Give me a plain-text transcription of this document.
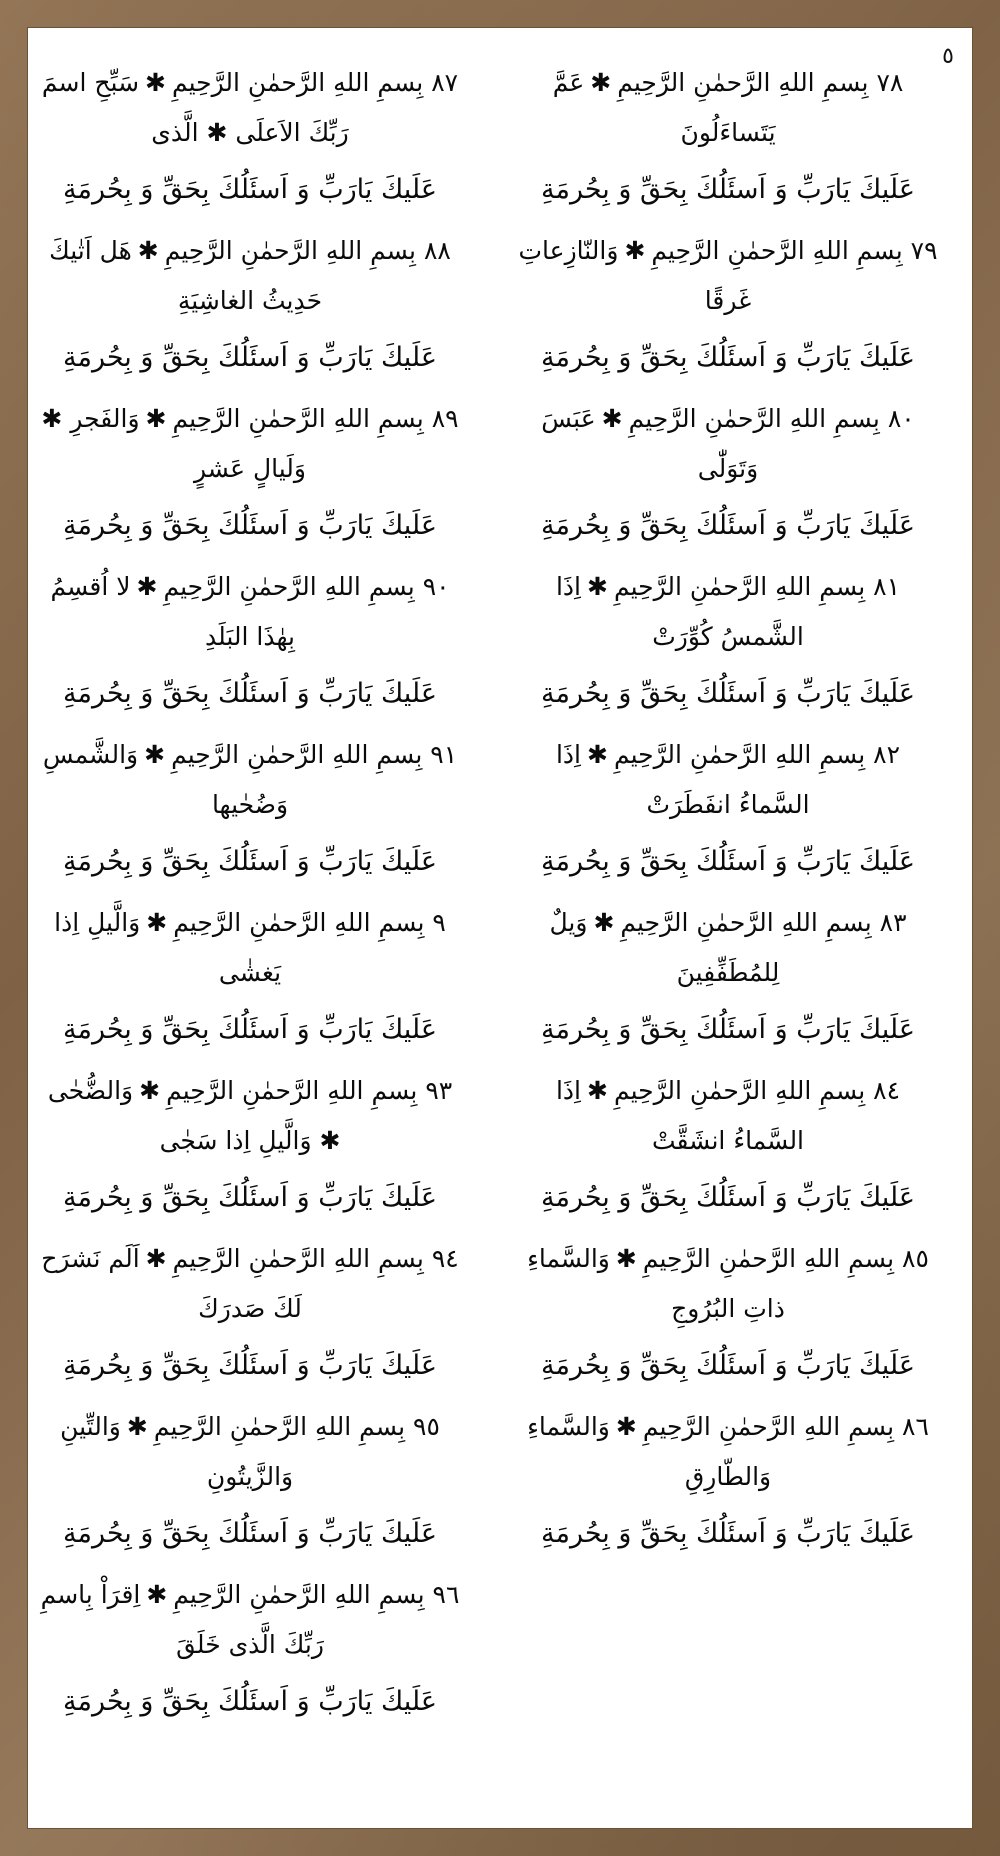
٥

٧٨ بِسمِ اللهِ الرَّحمٰنِ الرَّحِيمِ✱عَمَّ يَتَساءَلُونَ

عَلَيكَ يَارَبِّ وَ اَسئَلُكَ بِحَقِّ وَ بِحُرمَةِ

٧٩ بِسمِ اللهِ الرَّحمٰنِ الرَّحِيمِ✱وَالنّازِعاتِ غَرقًا

عَلَيكَ يَارَبِّ وَ اَسئَلُكَ بِحَقِّ وَ بِحُرمَةِ

٨٠ بِسمِ اللهِ الرَّحمٰنِ الرَّحِيمِ✱عَبَسَ وَتَوَلّٰى

عَلَيكَ يَارَبِّ وَ اَسئَلُكَ بِحَقِّ وَ بِحُرمَةِ

٨١ بِسمِ اللهِ الرَّحمٰنِ الرَّحِيمِ✱اِذَا الشَّمسُ كُوِّرَتْ

عَلَيكَ يَارَبِّ وَ اَسئَلُكَ بِحَقِّ وَ بِحُرمَةِ

٨٢ بِسمِ اللهِ الرَّحمٰنِ الرَّحِيمِ✱اِذَا السَّماءُ انفَطَرَتْ

عَلَيكَ يَارَبِّ وَ اَسئَلُكَ بِحَقِّ وَ بِحُرمَةِ

٨٣ بِسمِ اللهِ الرَّحمٰنِ الرَّحِيمِ✱وَيلٌ لِلمُطَفِّفِينَ

عَلَيكَ يَارَبِّ وَ اَسئَلُكَ بِحَقِّ وَ بِحُرمَةِ

٨٤ بِسمِ اللهِ الرَّحمٰنِ الرَّحِيمِ✱اِذَا السَّماءُ انشَقَّتْ

عَلَيكَ يَارَبِّ وَ اَسئَلُكَ بِحَقِّ وَ بِحُرمَةِ

٨٥ بِسمِ اللهِ الرَّحمٰنِ الرَّحِيمِ✱وَالسَّماءِ ذاتِ البُرُوجِ

عَلَيكَ يَارَبِّ وَ اَسئَلُكَ بِحَقِّ وَ بِحُرمَةِ

٨٦ بِسمِ اللهِ الرَّحمٰنِ الرَّحِيمِ✱وَالسَّماءِ وَالطّارِقِ

عَلَيكَ يَارَبِّ وَ اَسئَلُكَ بِحَقِّ وَ بِحُرمَةِ

٨٧ بِسمِ اللهِ الرَّحمٰنِ الرَّحِيمِ✱سَبِّحِ اسمَ رَبِّكَ الاَعلَى ✱ الَّذى

عَلَيكَ يَارَبِّ وَ اَسئَلُكَ بِحَقِّ وَ بِحُرمَةِ

٨٨ بِسمِ اللهِ الرَّحمٰنِ الرَّحِيمِ✱هَل اَتٰيكَ حَدِيثُ الغاشِيَةِ

عَلَيكَ يَارَبِّ وَ اَسئَلُكَ بِحَقِّ وَ بِحُرمَةِ

٨٩ بِسمِ اللهِ الرَّحمٰنِ الرَّحِيمِ✱وَالفَجرِ ✱ وَلَيالٍ عَشرٍ

عَلَيكَ يَارَبِّ وَ اَسئَلُكَ بِحَقِّ وَ بِحُرمَةِ

٩٠ بِسمِ اللهِ الرَّحمٰنِ الرَّحِيمِ✱لا اُقسِمُ بِهٰذَا البَلَدِ

عَلَيكَ يَارَبِّ وَ اَسئَلُكَ بِحَقِّ وَ بِحُرمَةِ

٩١ بِسمِ اللهِ الرَّحمٰنِ الرَّحِيمِ✱وَالشَّمسِ وَضُحٰيها

عَلَيكَ يَارَبِّ وَ اَسئَلُكَ بِحَقِّ وَ بِحُرمَةِ

٩ بِسمِ اللهِ الرَّحمٰنِ الرَّحِيمِ✱وَالَّيلِ اِذا يَغشٰى

عَلَيكَ يَارَبِّ وَ اَسئَلُكَ بِحَقِّ وَ بِحُرمَةِ

٩٣ بِسمِ اللهِ الرَّحمٰنِ الرَّحِيمِ✱وَالضُّحٰى ✱ وَالَّيلِ اِذا سَجٰى

عَلَيكَ يَارَبِّ وَ اَسئَلُكَ بِحَقِّ وَ بِحُرمَةِ

٩٤ بِسمِ اللهِ الرَّحمٰنِ الرَّحِيمِ✱اَلَم نَشرَح لَكَ صَدرَكَ

عَلَيكَ يَارَبِّ وَ اَسئَلُكَ بِحَقِّ وَ بِحُرمَةِ

٩٥ بِسمِ اللهِ الرَّحمٰنِ الرَّحِيمِ✱وَالتِّينِ وَالزَّيتُونِ

عَلَيكَ يَارَبِّ وَ اَسئَلُكَ بِحَقِّ وَ بِحُرمَةِ

٩٦ بِسمِ اللهِ الرَّحمٰنِ الرَّحِيمِ✱اِقرَاْ بِاسمِ رَبِّكَ الَّذى خَلَقَ

عَلَيكَ يَارَبِّ وَ اَسئَلُكَ بِحَقِّ وَ بِحُرمَةِ
